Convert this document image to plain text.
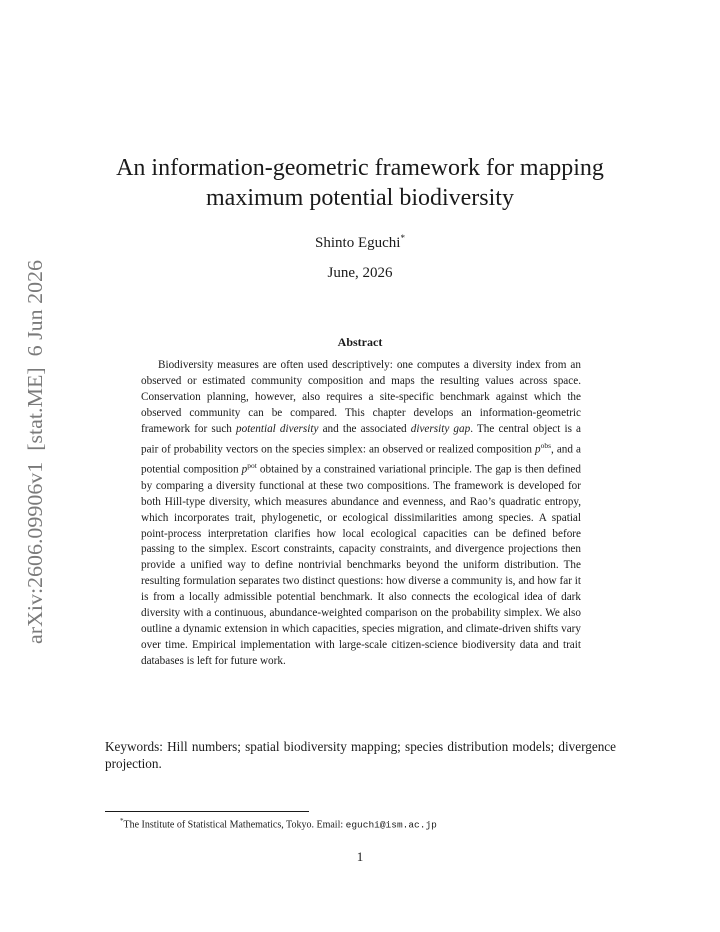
arXiv:2606.09906v1  [stat.ME]  6 Jun 2026
An information-geometric framework for mapping
maximum potential biodiversity
Shinto Eguchi*
June, 2026
Abstract

Biodiversity measures are often used descriptively: one computes a diversity index from an observed or estimated community composition and maps the resulting values across space. Conservation planning, however, also requires a site-specific benchmark against which the observed community can be compared. This chapter develops an information-geometric framework for such potential diversity and the associated diversity gap. The central object is a pair of probability vectors on the species simplex: an observed or realized composition $p^{obs}$, and a potential composition $p^{pot}$ obtained by a constrained variational principle. The gap is then defined by comparing a diversity functional at these two compositions. The framework is developed for both Hill-type diversity, which measures abundance and evenness, and Rao’s quadratic entropy, which incorporates trait, phylogenetic, or ecological dissimilarities among species. A spatial point-process interpretation clarifies how local ecological capacities can be defined before passing to the simplex. Escort constraints, capacity constraints, and divergence projections then provide a unified way to define nontrivial benchmarks beyond the uniform distribution. The resulting formulation separates two distinct questions: how diverse a community is, and how far it is from a locally admissible potential benchmark. It also connects the ecological idea of dark diversity with a continuous, abundance-weighted comparison on the probability simplex. We also outline a dynamic extension in which capacities, species migration, and climate-driven shifts vary over time. Empirical implementation with large-scale citizen-science biodiversity data and trait databases is left for future work.

Keywords: Hill numbers; spatial biodiversity mapping; species distribution models; divergence projection.

*The Institute of Statistical Mathematics, Tokyo. Email: eguchi@ism.ac.jp
1
